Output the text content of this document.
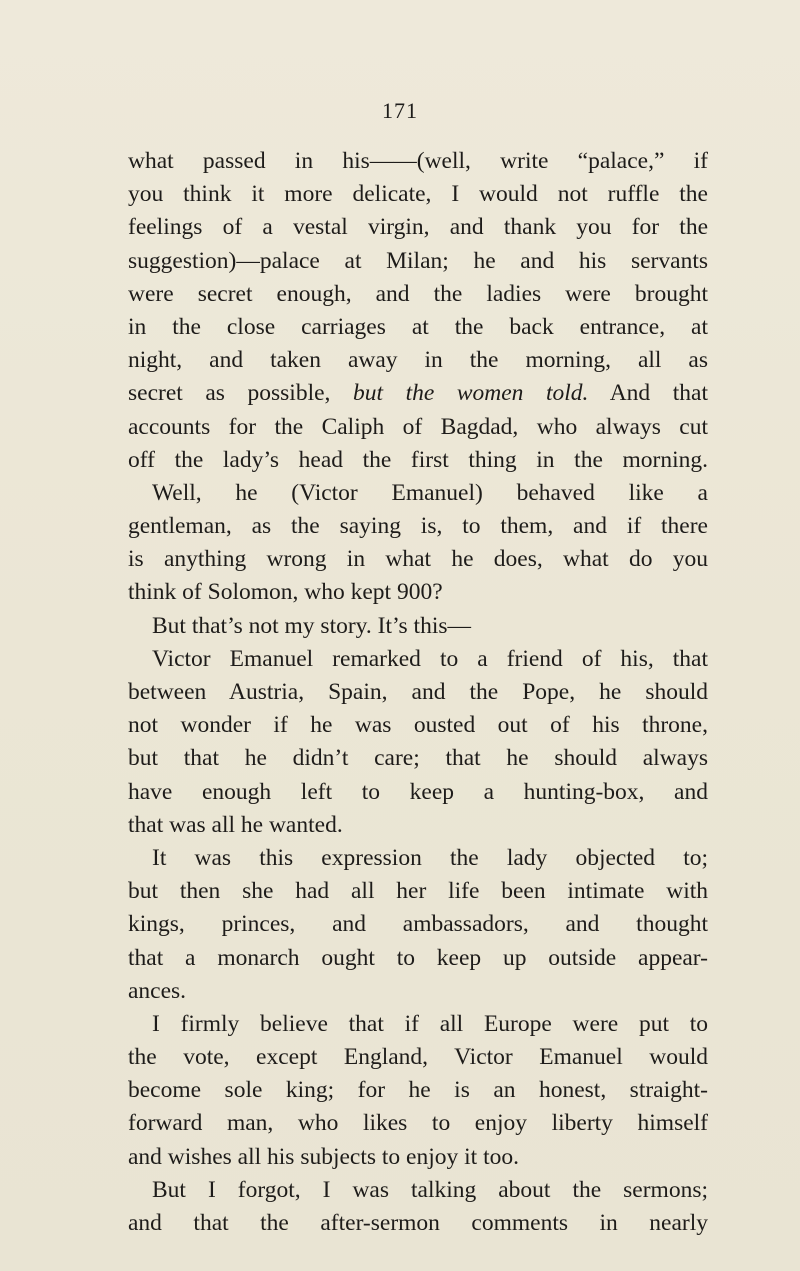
171
what passed in his——(well, write “palace,” if
you think it more delicate, I would not ruffle the
feelings of a vestal virgin, and thank you for the
suggestion)—palace at Milan; he and his servants
were secret enough, and the ladies were brought
in the close carriages at the back entrance, at
night, and taken away in the morning, all as
secret as possible, but the women told. And that
accounts for the Caliph of Bagdad, who always cut
off the lady’s head the first thing in the morning.
Well, he (Victor Emanuel) behaved like a
gentleman, as the saying is, to them, and if there
is anything wrong in what he does, what do you
think of Solomon, who kept 900?
But that’s not my story. It’s this—
Victor Emanuel remarked to a friend of his, that
between Austria, Spain, and the Pope, he should
not wonder if he was ousted out of his throne,
but that he didn’t care; that he should always
have enough left to keep a hunting-box, and
that was all he wanted.
It was this expression the lady objected to;
but then she had all her life been intimate with
kings, princes, and ambassadors, and thought
that a monarch ought to keep up outside appear-
ances.
I firmly believe that if all Europe were put to
the vote, except England, Victor Emanuel would
become sole king; for he is an honest, straight-
forward man, who likes to enjoy liberty himself
and wishes all his subjects to enjoy it too.
But I forgot, I was talking about the sermons;
and that the after-sermon comments in nearly
